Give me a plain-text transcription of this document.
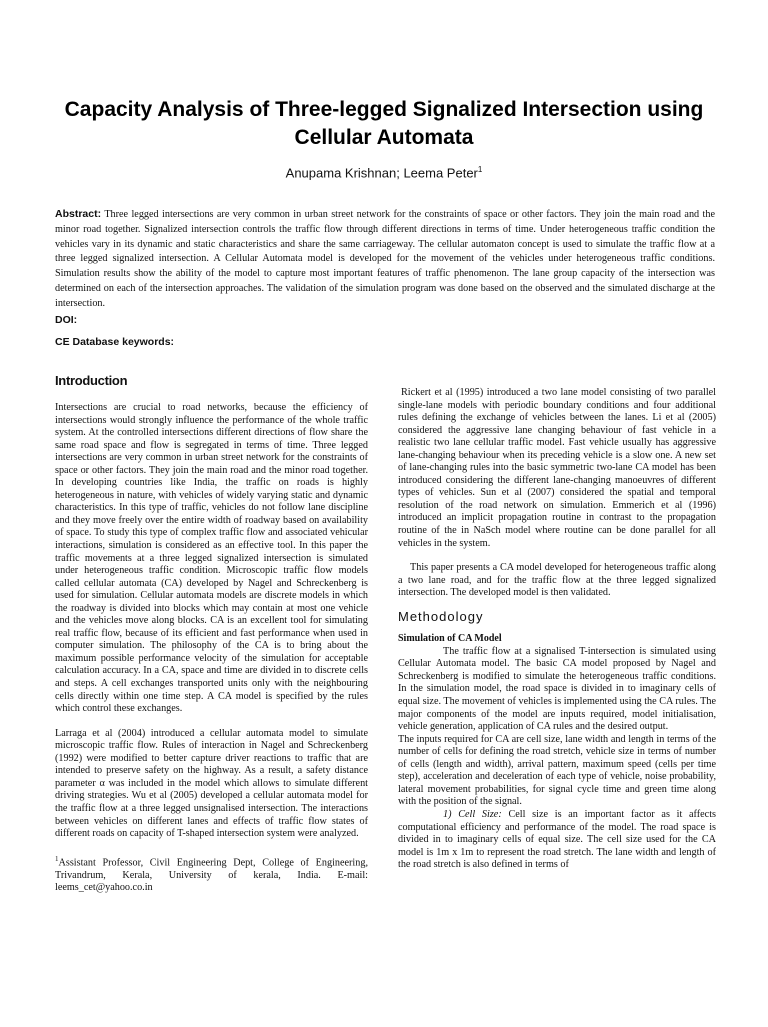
Capacity Analysis of Three-legged Signalized Intersection using Cellular Automata
Anupama Krishnan; Leema Peter$^1$
Abstract: Three legged intersections are very common in urban street network for the constraints of space or other factors. They join the main road and the minor road together. Signalized intersection controls the traffic flow through different directions in terms of time. Under heterogeneous traffic condition the vehicles vary in its dynamic and static characteristics and share the same carriageway. The cellular automaton concept is used to simulate the traffic flow at a three legged signalized intersection. A Cellular Automata model is developed for the movement of the vehicles under heterogeneous traffic conditions. Simulation results show the ability of the model to capture most important features of traffic phenomenon. The lane group capacity of the intersection was determined on each of the intersection approaches. The validation of the simulation program was done based on the observed and the simulated discharge at the intersection.
DOI:
CE Database keywords:
Introduction

Intersections are crucial to road networks, because the efficiency of intersections would strongly influence the performance of the whole traffic system. At the controlled intersections different directions of flow share the same road space and flow is segregated in terms of time. Three legged intersections are very common in urban street network for the constraints of space or other factors. They join the main road and the minor road together. In developing countries like India, the traffic on roads is highly heterogeneous in nature, with vehicles of widely varying static and dynamic characteristics. In this type of traffic, vehicles do not follow lane discipline and they move freely over the entire width of roadway based on availability of space. To study this type of complex traffic flow and associated vehicular interactions, simulation is considered as an effective tool. In this paper the traffic movements at a three legged signalized intersection is simulated under heterogeneous traffic condition. Microscopic traffic flow models called cellular automata (CA) developed by Nagel and Schreckenberg is used for simulation. Cellular automata models are discrete models in which the roadway is divided into blocks which may contain at most one vehicle and the vehicles move along blocks. CA is an excellent tool for simulating real traffic flow, because of its efficient and fast performance when used in computer simulation. The philosophy of the CA is to bring about the maximum possible performance velocity of the simulation for acceptable calculation accuracy. In a CA, space and time are divided in to discrete cells and steps. A cell exchanges transported units only with the neighbouring cells directly within one time step. A CA model is specified by the rules which control these exchanges.

Larraga et al (2004) introduced a cellular automata model to simulate microscopic traffic flow. Rules of interaction in Nagel and Schreckenberg (1992) were modified to better capture driver reactions to traffic that are intended to preserve safety on the highway. As a result, a safety distance parameter α was included in the model which allows to simulate different driving strategies. Wu et al (2005) developed a cellular automata model for the traffic flow at a three legged unsignalised intersection. The interactions between vehicles on different lanes and effects of traffic flow states of different roads on capacity of T-shaped intersection system were analyzed.

$^1$Assistant Professor, Civil Engineering Dept, College of Engineering, Trivandrum, Kerala, University of kerala, India. E-mail: leems_cet@yahoo.co.in

Rickert et al (1995) introduced a two lane model consisting of two parallel single-lane models with periodic boundary conditions and four additional rules defining the exchange of vehicles between the lanes. Li et al (2005) considered the aggressive lane changing behaviour of fast vehicle in a realistic two lane cellular traffic model. Fast vehicle usually has aggressive lane-changing behaviour when its preceding vehicle is a slow one. A new set of lane-changing rules into the basic symmetric two-lane CA model has been introduced considering the different lane-changing manoeuvres of different types of vehicles. Sun et al (2007) considered the spatial and temporal resolution of the road network on simulation. Emmerich et al (1996) introduced an implicit propagation routine in contrast to the propagation routine of the in NaSch model where routine can be done parallel for all vehicles in the system.

This paper presents a CA model developed for heterogeneous traffic along a two lane road, and for the traffic flow at the three legged signalized intersection. The developed model is then validated.

Methodology

Simulation of CA Model

The traffic flow at a signalised T-intersection is simulated using Cellular Automata model. The basic CA model proposed by Nagel and Schreckenberg is modified to simulate the heterogeneous traffic conditions. In the simulation model, the road space is divided in to imaginary cells of equal size. The movement of vehicles is implemented using the CA rules. The major components of the model are inputs required, model initialisation, vehicle generation, application of CA rules and the desired output.

The inputs required for CA are cell size, lane width and length in terms of the number of cells for defining the road stretch, vehicle size in terms of number of cells (length and width), arrival pattern, maximum speed (cells per time step), acceleration and deceleration of each type of vehicle, noise probability, lateral movement probabilities, for signal cycle time and green time along with the position of the signal.

1) Cell Size: Cell size is an important factor as it affects computational efficiency and performance of the model. The road space is divided in to imaginary cells of equal size. The cell size used for the CA model is 1m x 1m to represent the road stretch. The lane width and length of the road stretch is also defined in terms of
